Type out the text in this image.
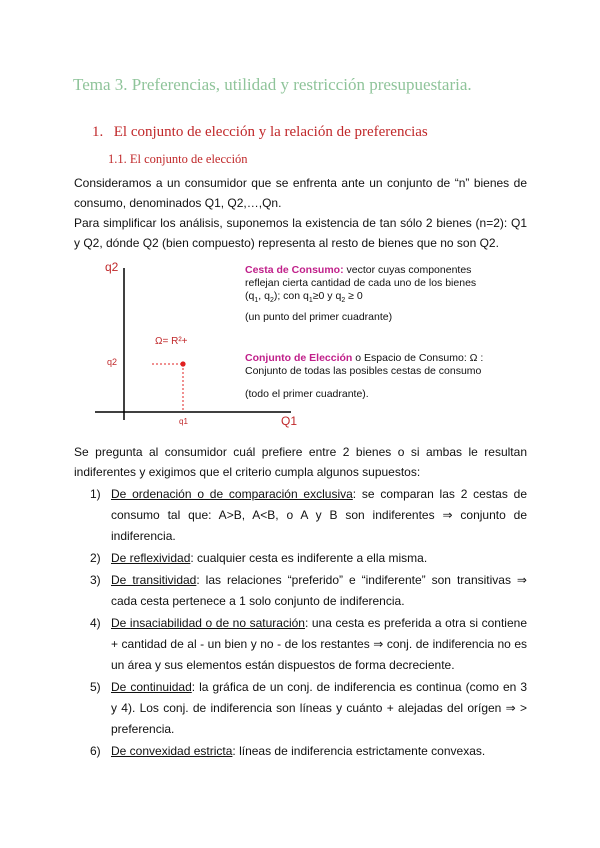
Tema 3. Preferencias, utilidad y restricción presupuestaria.
1. El conjunto de elección y la relación de preferencias
1.1. El conjunto de elección

Consideramos a un consumidor que se enfrenta ante un conjunto de “n” bienes de consumo, denominados Q1, Q2,…,Qn.

Para simplificar los análisis, suponemos la existencia de tan sólo 2 bienes (n=2): Q1 y Q2, dónde Q2 (bien compuesto) representa al resto de bienes que no son Q2.

q2
Q1
Ω= R²+
q2
q1

Cesta de Consumo: vector cuyas componentes
reflejan cierta cantidad de cada uno de los bienes
($q_1$, $q_2$); con $q_1\ge 0$ y $q_2 \ge 0$

(un punto del primer cuadrante)

Conjunto de Elección o Espacio de Consumo: Ω :
Conjunto de todas las posibles cestas de consumo

(todo el primer cuadrante).

Se pregunta al consumidor cuál prefiere entre 2 bienes o si ambas le resultan indiferentes y exigimos que el criterio cumpla algunos supuestos:

1) De ordenación o de comparación exclusiva: se comparan las 2 cestas de consumo tal que: A>B, A<B, o A y B son indiferentes ⇒ conjunto de indiferencia.
2) De reflexividad: cualquier cesta es indiferente a ella misma.
3) De transitividad: las relaciones “preferido” e “indiferente” son transitivas ⇒ cada cesta pertenece a 1 solo conjunto de indiferencia.
4) De insaciabilidad o de no saturación: una cesta es preferida a otra si contiene + cantidad de al - un bien y no - de los restantes ⇒ conj. de indiferencia no es un área y sus elementos están dispuestos de forma decreciente.
5) De continuidad: la gráfica de un conj. de indiferencia es continua (como en 3 y 4). Los conj. de indiferencia son líneas y cuánto + alejadas del orígen ⇒ > preferencia.
6) De convexidad estricta: líneas de indiferencia estrictamente convexas.
